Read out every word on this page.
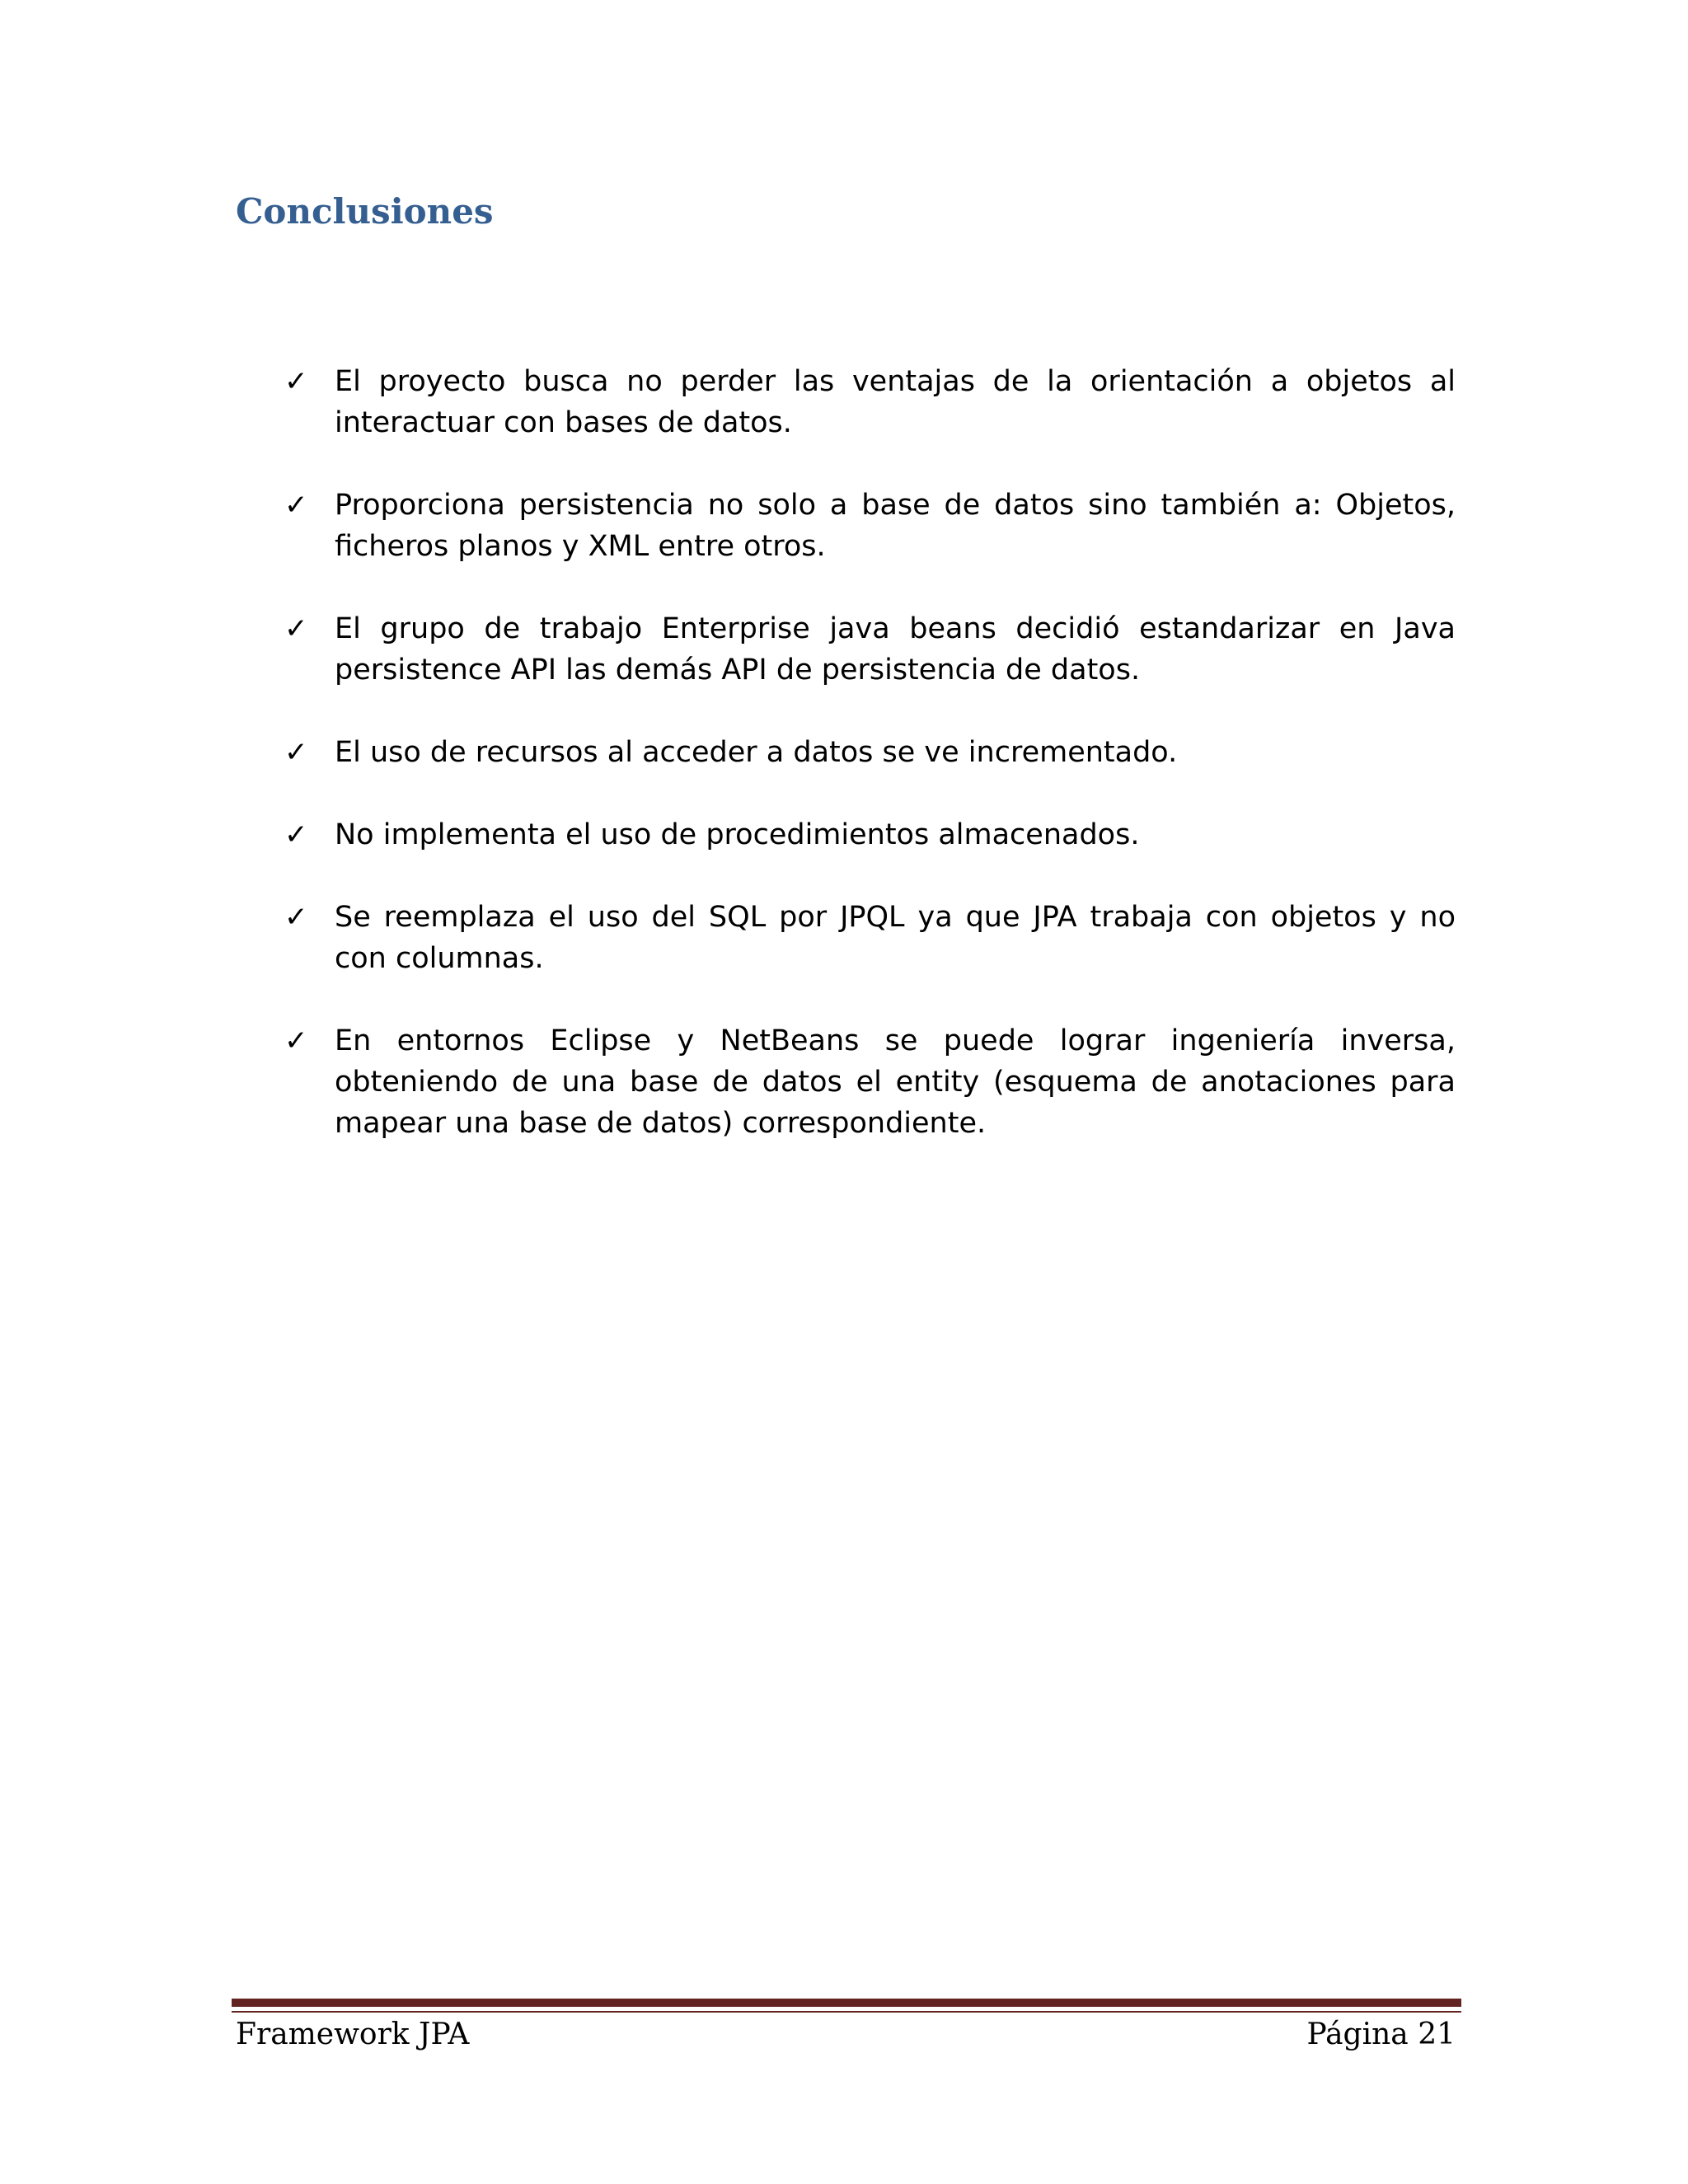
Conclusiones
✓ El proyecto busca no perder las ventajas de la orientación a objetos al interactuar con bases de datos.

✓ Proporciona persistencia no solo a base de datos sino también a: Objetos, ficheros planos y XML entre otros.

✓ El grupo de trabajo Enterprise java beans decidió estandarizar en Java persistence API las demás API de persistencia de datos.

✓ El uso de recursos al acceder a datos se ve incrementado.

✓ No implementa el uso de procedimientos almacenados.

✓ Se reemplaza el uso del SQL por JPQL ya que JPA trabaja con objetos y no con columnas.

✓ En entornos Eclipse y NetBeans se puede lograr ingeniería inversa, obteniendo de una base de datos el entity (esquema de anotaciones para mapear una base de datos) correspondiente.

Framework JPA	Página 21
